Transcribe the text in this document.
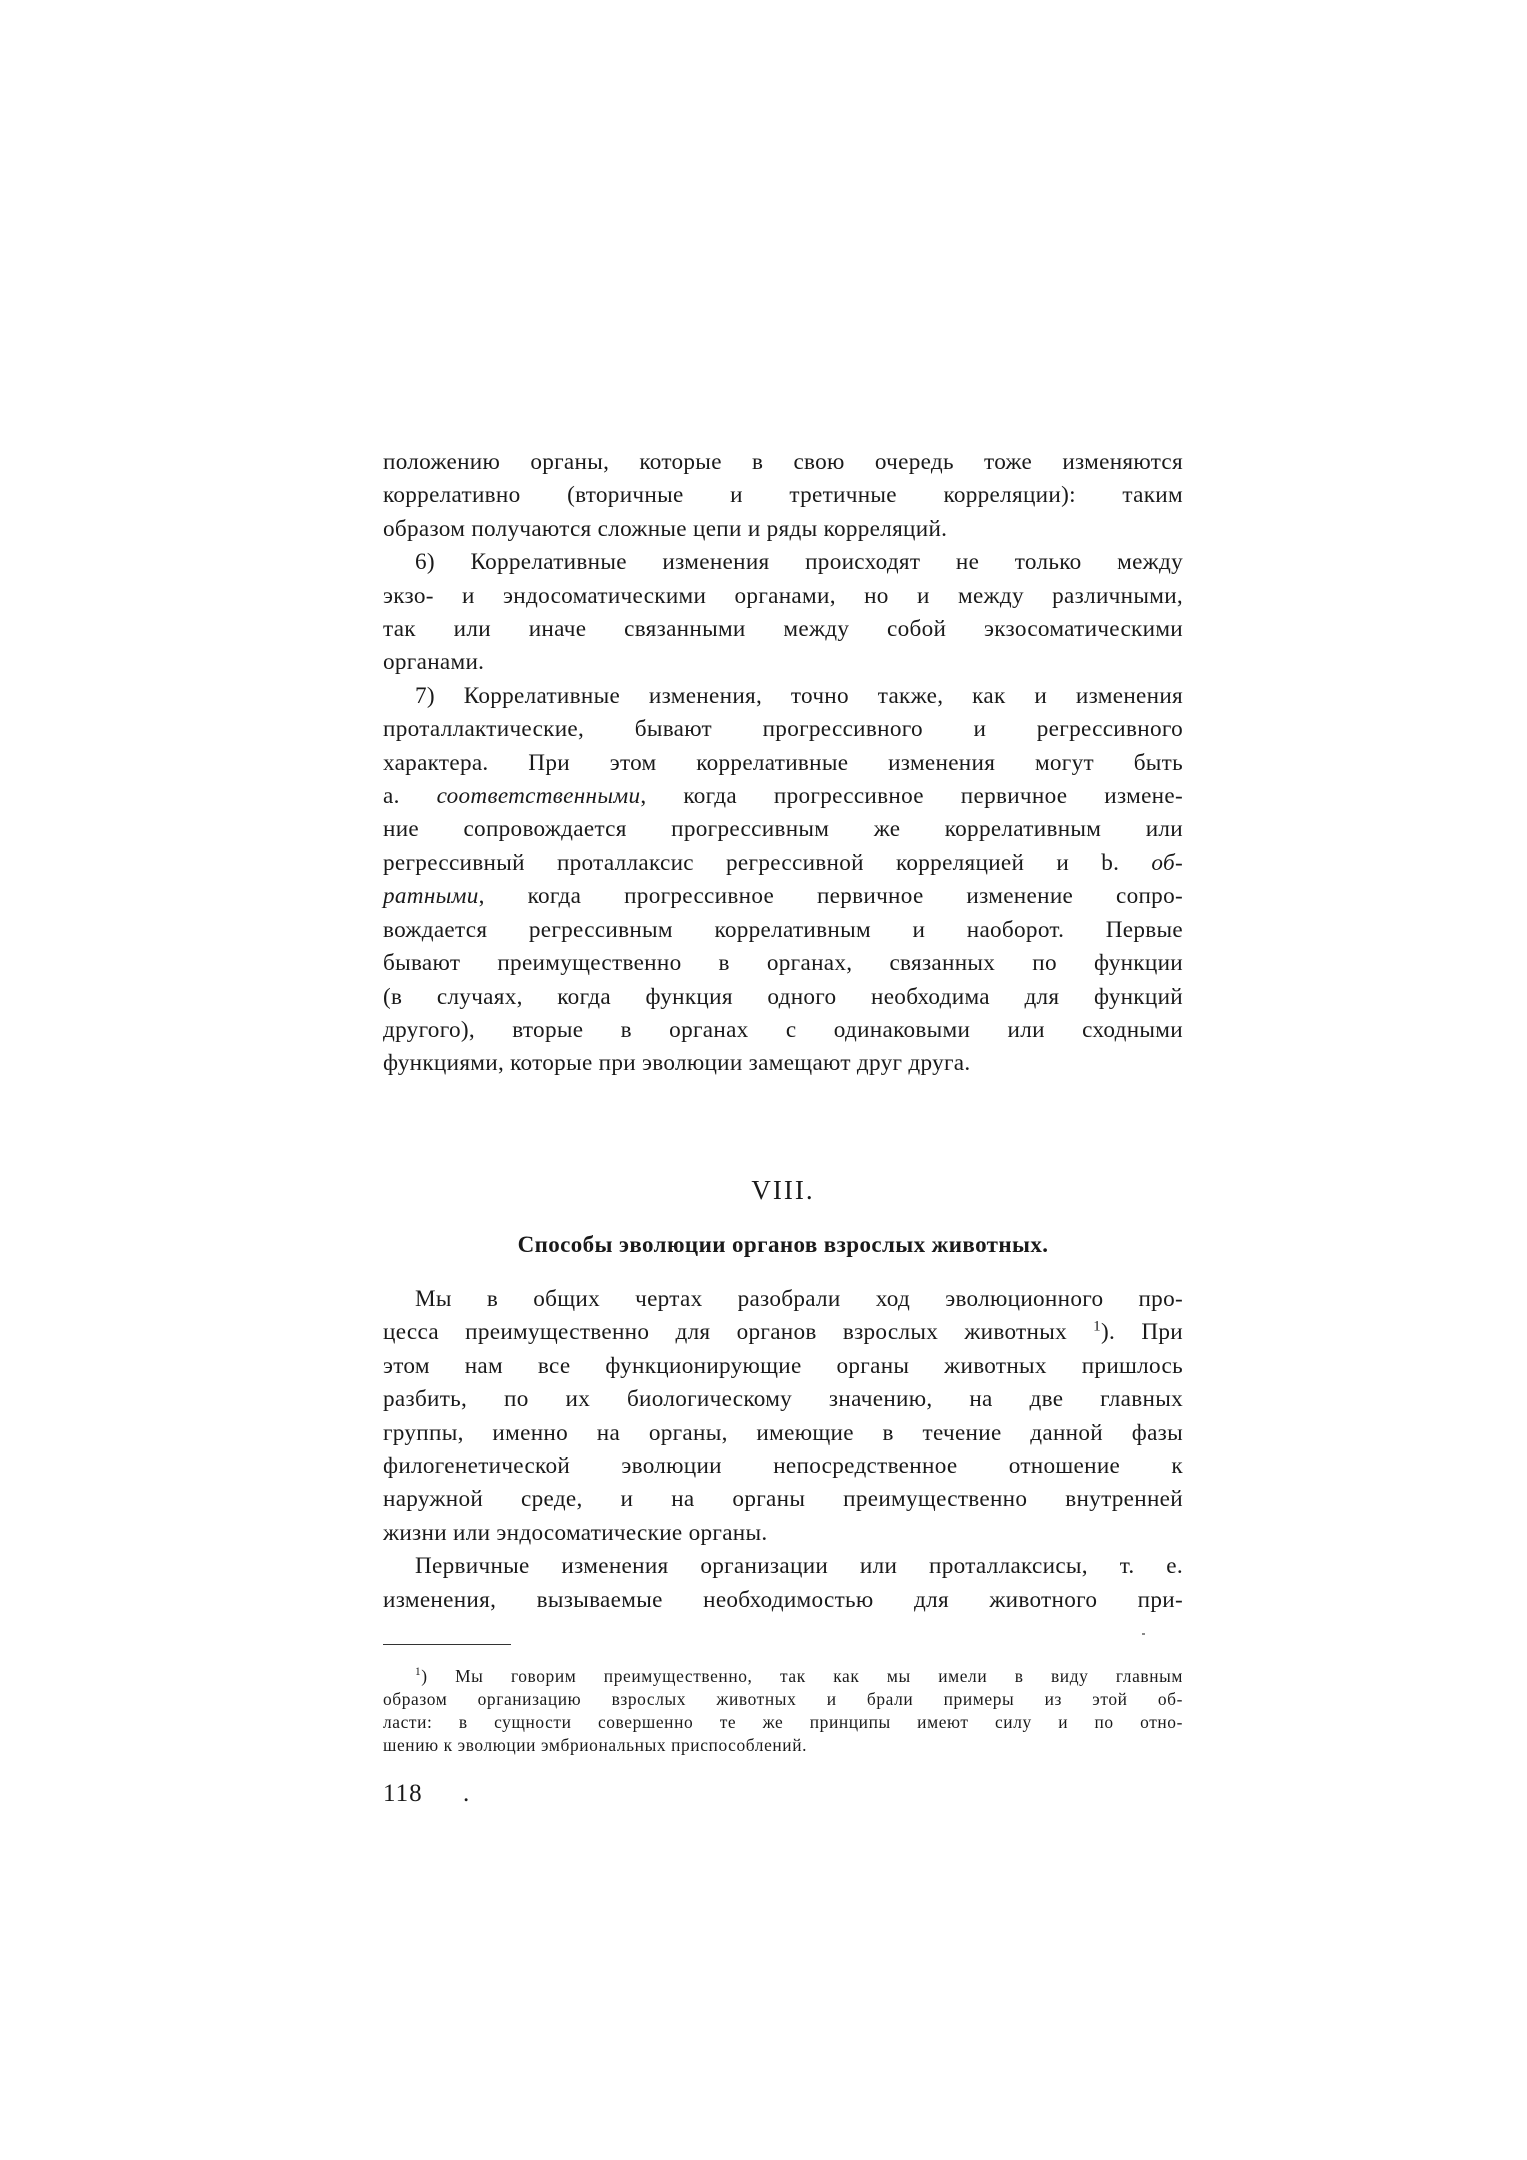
положению органы, которые в свою очередь тоже изменяются
коррелативно (вторичные и третичные корреляции): таким
образом получаются сложные цепи и ряды корреляций.
6) Коррелативные изменения происходят не только между
экзо- и эндосоматическими органами, но и между различными,
так или иначе связанными между собой экзосоматическими
органами.
7) Коррелативные изменения, точно также, как и изменения
проталлактические, бывают прогрессивного и регрессивного
характера. При этом коррелативные изменения могут быть
а. соответственными, когда прогрессивное первичное измене-
ние сопровождается прогрессивным же коррелативным или
регрессивный проталлаксис регрессивной корреляцией и b. об-
ратными, когда прогрессивное первичное изменение сопро-
вождается регрессивным коррелативным и наоборот. Первые
бывают преимущественно в органах, связанных по функции
(в случаях, когда функция одного необходима для функций
другого), вторые в органах с одинаковыми или сходными
функциями, которые при эволюции замещают друг друга.
VIII.
Способы эволюции органов взрослых животных.
Мы в общих чертах разобрали ход эволюционного про-
цесса преимущественно для органов взрослых животных $^1$). При
этом нам все функционирующие органы животных пришлось
разбить, по их биологическому значению, на две главных
группы, именно на органы, имеющие в течение данной фазы
филогенетической эволюции непосредственное отношение к
наружной среде, и на органы преимущественно внутренней
жизни или эндосоматические органы.
Первичные изменения организации или проталлаксисы, т. е.
изменения, вызываемые необходимостью для животного при-
$^1$) Мы говорим преимущественно, так как мы имели в виду главным
образом организацию взрослых животных и брали примеры из этой об-
ласти: в сущности совершенно те же принципы имеют силу и по отно-
шению к эволюции эмбриональных приспособлений.
118 .
